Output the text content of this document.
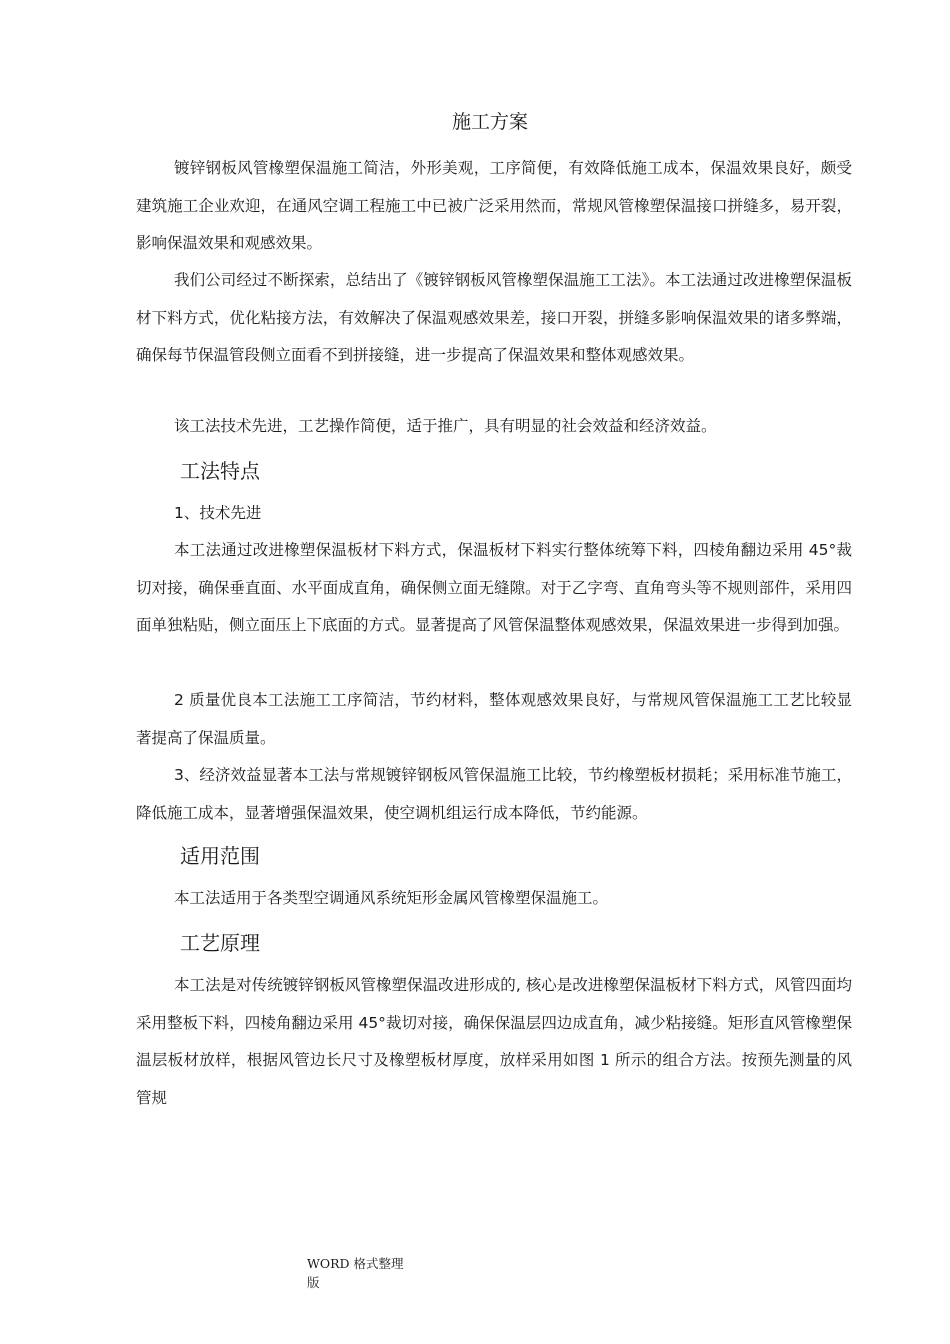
施工方案

镀锌钢板风管橡塑保温施工简洁，外形美观，工序简便，有效降低施工成本，保温效果良好，颇受建筑施工企业欢迎，在通风空调工程施工中已被广泛采用然而，常规风管橡塑保温接口拼缝多，易开裂，影响保温效果和观感效果。

我们公司经过不断探索，总结出了《镀锌钢板风管橡塑保温施工工法》。本工法通过改进橡塑保温板材下料方式，优化粘接方法，有效解决了保温观感效果差，接口开裂，拼缝多影响保温效果的诸多弊端，确保每节保温管段侧立面看不到拼接缝，进一步提高了保温效果和整体观感效果。

该工法技术先进，工艺操作简便，适于推广，具有明显的社会效益和经济效益。

工法特点

1、技术先进

本工法通过改进橡塑保温板材下料方式，保温板材下料实行整体统筹下料，四棱角翻边采用 45°裁切对接，确保垂直面、水平面成直角，确保侧立面无缝隙。对于乙字弯、直角弯头等不规则部件，采用四面单独粘贴，侧立面压上下底面的方式。显著提高了风管保温整体观感效果，保温效果进一步得到加强。

2 质量优良本工法施工工序简洁，节约材料，整体观感效果良好，与常规风管保温施工工艺比较显著提高了保温质量。

3、经济效益显著本工法与常规镀锌钢板风管保温施工比较，节约橡塑板材损耗；采用标准节施工，降低施工成本，显著增强保温效果，使空调机组运行成本降低，节约能源。

适用范围

本工法适用于各类型空调通风系统矩形金属风管橡塑保温施工。

工艺原理

本工法是对传统镀锌钢板风管橡塑保温改进形成的, 核心是改进橡塑保温板材下料方式，风管四面均采用整板下料，四棱角翻边采用 45°裁切对接，确保保温层四边成直角，减少粘接缝。矩形直风管橡塑保温层板材放样，根据风管边长尺寸及橡塑板材厚度，放样采用如图 1 所示的组合方法。按预先测量的风管规

WORD 格式整理
版
